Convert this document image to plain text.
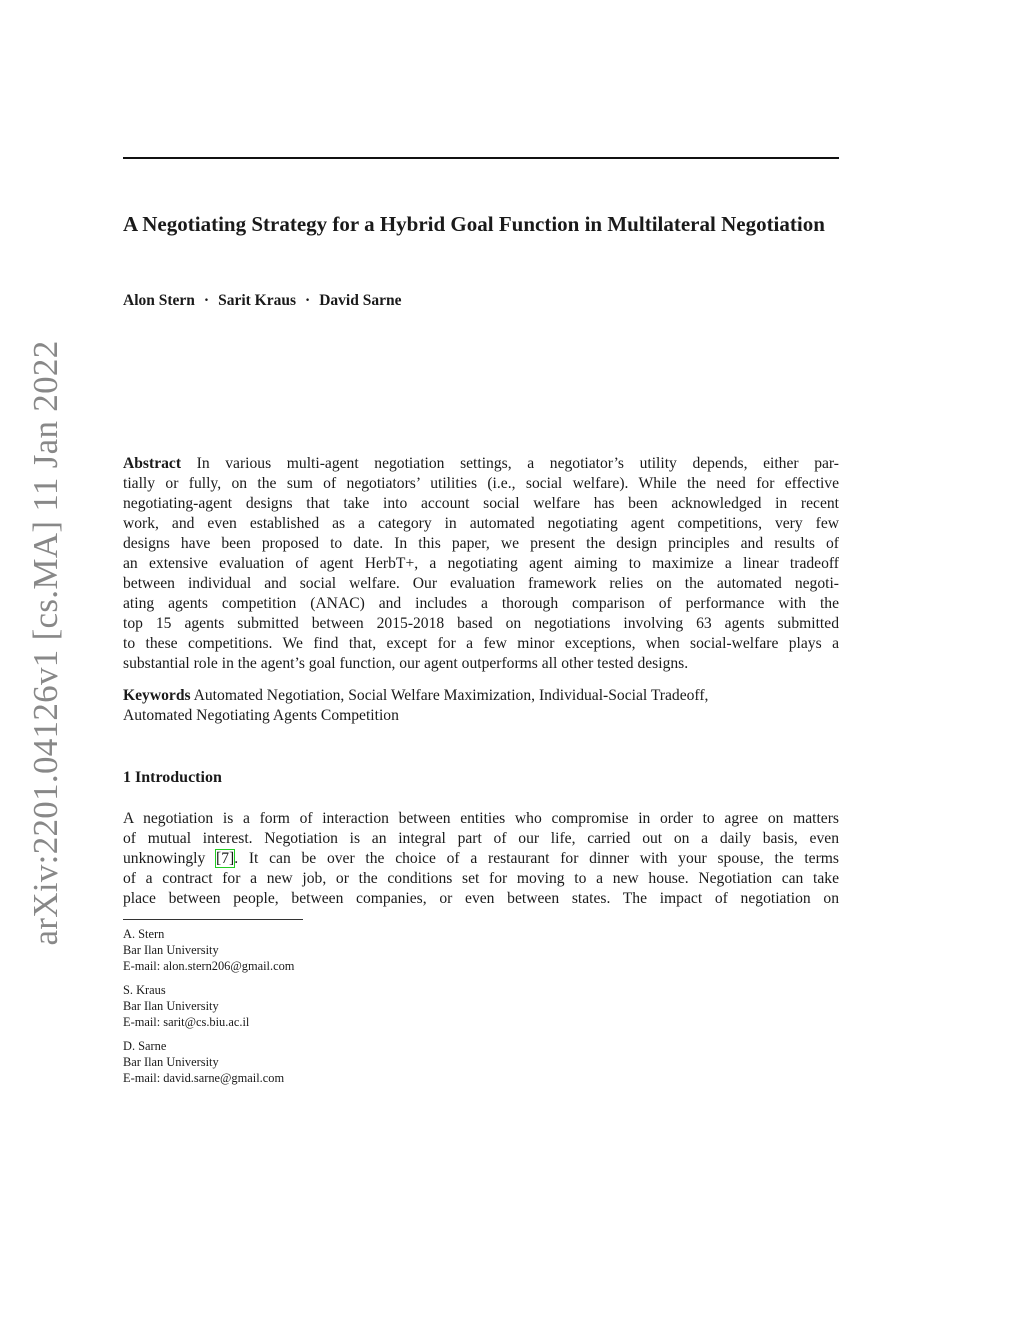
arXiv:2201.04126v1 [cs.MA] 11 Jan 2022
A Negotiating Strategy for a Hybrid Goal Function in Multilateral Negotiation
Alon Stern · Sarit Kraus · David Sarne
Abstract In various multi-agent negotiation settings, a negotiator’s utility depends, either par-
tially or fully, on the sum of negotiators’ utilities (i.e., social welfare). While the need for effective
negotiating-agent designs that take into account social welfare has been acknowledged in recent
work, and even established as a category in automated negotiating agent competitions, very few
designs have been proposed to date. In this paper, we present the design principles and results of
an extensive evaluation of agent HerbT+, a negotiating agent aiming to maximize a linear tradeoff
between individual and social welfare. Our evaluation framework relies on the automated negoti-
ating agents competition (ANAC) and includes a thorough comparison of performance with the
top 15 agents submitted between 2015-2018 based on negotiations involving 63 agents submitted
to these competitions. We find that, except for a few minor exceptions, when social-welfare plays a
substantial role in the agent’s goal function, our agent outperforms all other tested designs.
Keywords Automated Negotiation, Social Welfare Maximization, Individual-Social Tradeoff,
Automated Negotiating Agents Competition
1 Introduction
A negotiation is a form of interaction between entities who compromise in order to agree on matters
of mutual interest. Negotiation is an integral part of our life, carried out on a daily basis, even
unknowingly [7]. It can be over the choice of a restaurant for dinner with your spouse, the terms
of a contract for a new job, or the conditions set for moving to a new house. Negotiation can take
place between people, between companies, or even between states. The impact of negotiation on
A. Stern
Bar Ilan University
E-mail: alon.stern206@gmail.com
S. Kraus
Bar Ilan University
E-mail: sarit@cs.biu.ac.il
D. Sarne
Bar Ilan University
E-mail: david.sarne@gmail.com
